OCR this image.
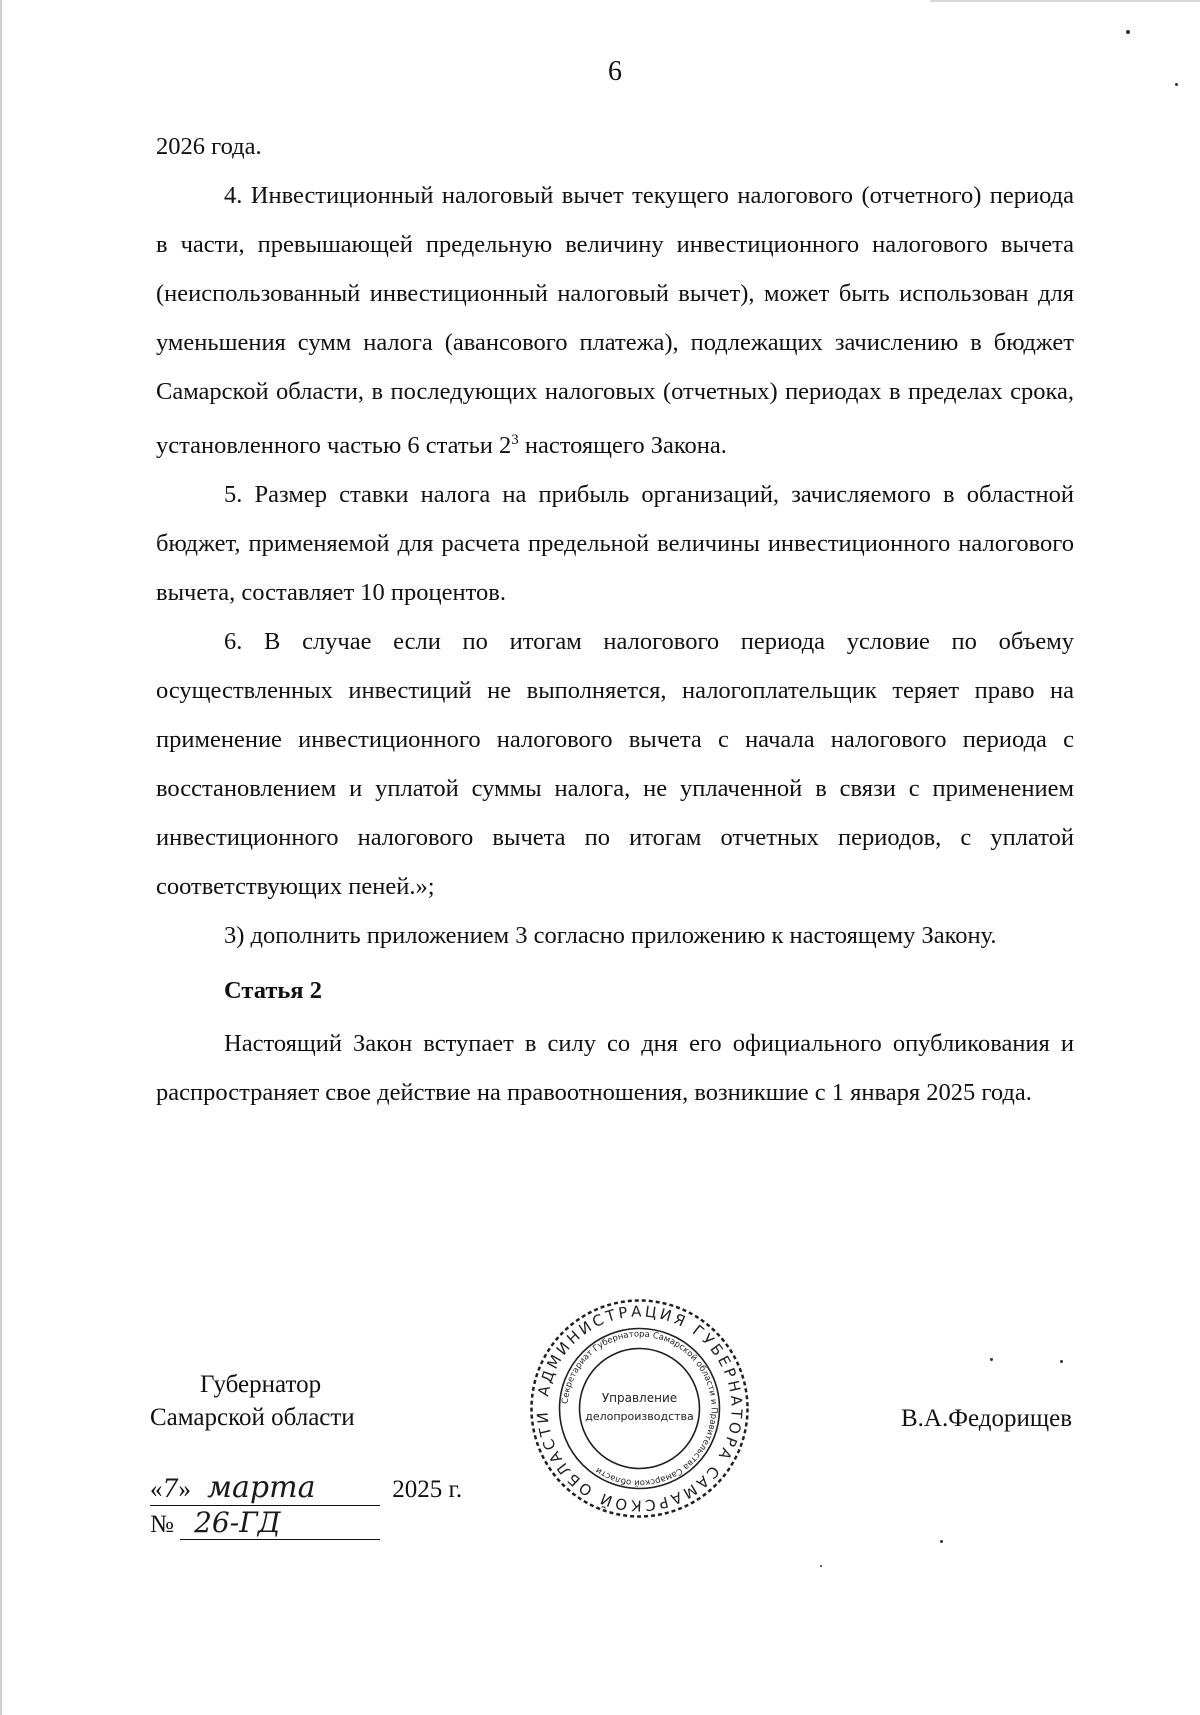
6

2026 года.

4. Инвестиционный налоговый вычет текущего налогового (отчетного) периода в части, превышающей предельную величину инвестиционного налогового вычета (неиспользованный инвестиционный налоговый вычет), может быть использован для уменьшения сумм налога (авансового платежа), подлежащих зачислению в бюджет Самарской области, в последующих налоговых (отчетных) периодах в пределах срока, установленного частью 6 статьи $2^3$ настоящего Закона.

5. Размер ставки налога на прибыль организаций, зачисляемого в областной бюджет, применяемой для расчета предельной величины инвестиционного налогового вычета, составляет 10 процентов.

6. В случае если по итогам налогового периода условие по объему осуществленных инвестиций не выполняется, налогоплательщик теряет право на применение инвестиционного налогового вычета с начала налогового периода с восстановлением и уплатой суммы налога, не уплаченной в связи с применением инвестиционного налогового вычета по итогам отчетных периодов, с уплатой соответствующих пеней.»;

3) дополнить приложением 3 согласно приложению к настоящему Закону.

Статья 2

Настоящий Закон вступает в силу со дня его официального опубликования и распространяет свое действие на правоотношения, возникшие с 1 января 2025 года.

Губернатор
Самарской области	В.А.Федорищев
«7» марта	2025 г.
№ 26-ГД
АДМИНИСТРАЦИЯ ГУБЕРНАТОРА САМАРСКОЙ ОБЛАСТИ
Секретариат Губернатора Самарской области и Правительства Самарской области
Управление
делопроизводства
